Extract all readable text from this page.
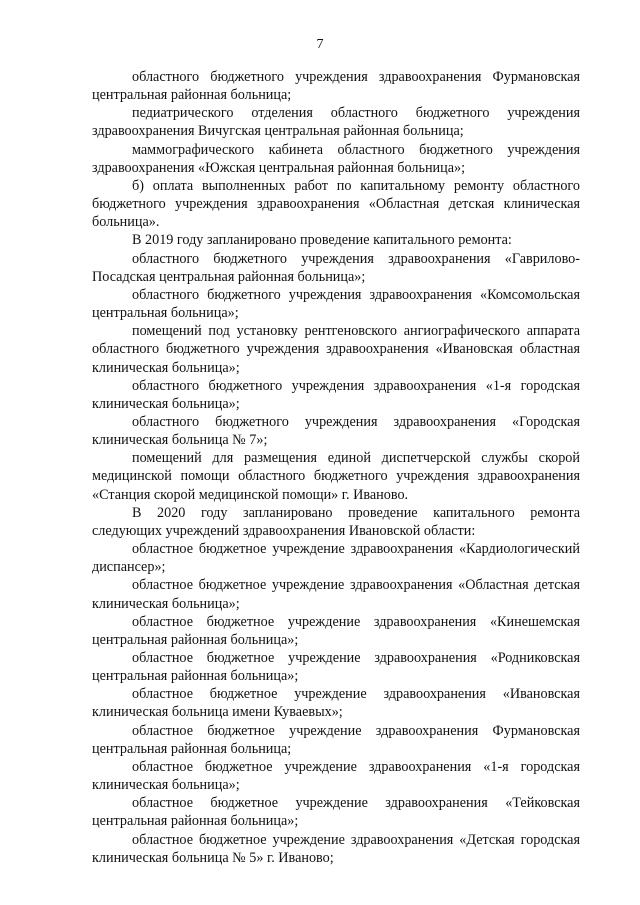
7

областного бюджетного учреждения здравоохранения Фурмановская центральная районная больница;

педиатрического отделения областного бюджетного учреждения здравоохранения Вичугская центральная районная больница;

маммографического кабинета областного бюджетного учреждения здравоохранения «Южская центральная районная больница»;

б) оплата выполненных работ по капитальному ремонту областного бюджетного учреждения здравоохранения «Областная детская клиническая больница».

В 2019 году запланировано проведение капитального ремонта:

областного бюджетного учреждения здравоохранения «Гаврилово-Посадская центральная районная больница»;

областного бюджетного учреждения здравоохранения «Комсомольская центральная больница»;

помещений под установку рентгеновского ангиографического аппарата областного бюджетного учреждения здравоохранения «Ивановская областная клиническая больница»;

областного бюджетного учреждения здравоохранения «1-я городская клиническая больница»;

областного бюджетного учреждения здравоохранения «Городская клиническая больница № 7»;

помещений для размещения единой диспетчерской службы скорой медицинской помощи областного бюджетного учреждения здравоохранения «Станция скорой медицинской помощи» г. Иваново.

В 2020 году запланировано проведение капитального ремонта следующих учреждений здравоохранения Ивановской области:

областное бюджетное учреждение здравоохранения «Кардиологический диспансер»;

областное бюджетное учреждение здравоохранения «Областная детская клиническая больница»;

областное бюджетное учреждение здравоохранения «Кинешемская центральная районная больница»;

областное бюджетное учреждение здравоохранения «Родниковская центральная районная больница»;

областное бюджетное учреждение здравоохранения «Ивановская клиническая больница имени Куваевых»;

областное бюджетное учреждение здравоохранения Фурмановская центральная районная больница;

областное бюджетное учреждение здравоохранения «1-я городская клиническая больница»;

областное бюджетное учреждение здравоохранения «Тейковская центральная районная больница»;

областное бюджетное учреждение здравоохранения «Детская городская клиническая больница № 5» г. Иваново;
